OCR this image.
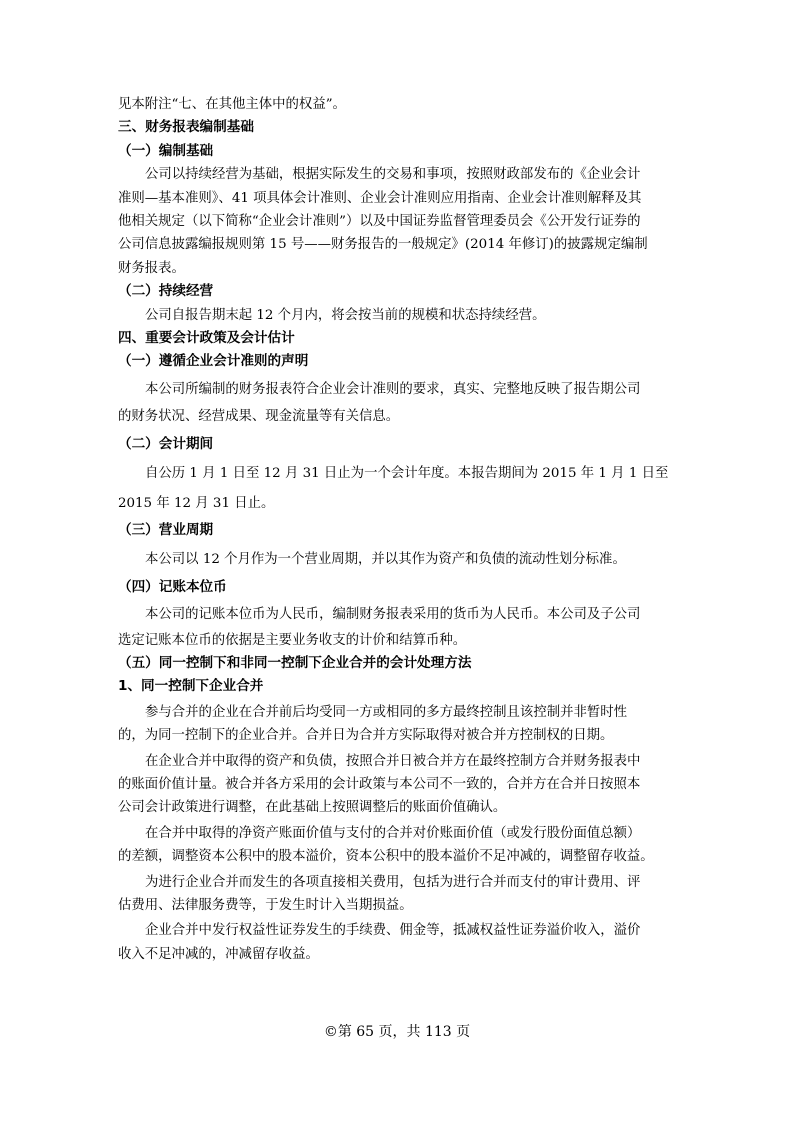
见本附注“七、在其他主体中的权益”。
三、财务报表编制基础
（一）编制基础
公司以持续经营为基础，根据实际发生的交易和事项，按照财政部发布的《企业会计
准则—基本准则》、41 项具体会计准则、企业会计准则应用指南、企业会计准则解释及其
他相关规定（以下简称“企业会计准则”）以及中国证券监督管理委员会《公开发行证券的
公司信息披露编报规则第 15 号——财务报告的一般规定》(2014 年修订)的披露规定编制
财务报表。
（二）持续经营
公司自报告期末起 12 个月内，将会按当前的规模和状态持续经营。
四、重要会计政策及会计估计
（一）遵循企业会计准则的声明
本公司所编制的财务报表符合企业会计准则的要求，真实、完整地反映了报告期公司
的财务状况、经营成果、现金流量等有关信息。
（二）会计期间
自公历 1 月 1 日至 12 月 31 日止为一个会计年度。本报告期间为 2015 年 1 月 1 日至
2015 年 12 月 31 日止。
（三）营业周期
本公司以 12 个月作为一个营业周期，并以其作为资产和负债的流动性划分标准。
（四）记账本位币
本公司的记账本位币为人民币，编制财务报表采用的货币为人民币。本公司及子公司
选定记账本位币的依据是主要业务收支的计价和结算币种。
（五）同一控制下和非同一控制下企业合并的会计处理方法
1、同一控制下企业合并
参与合并的企业在合并前后均受同一方或相同的多方最终控制且该控制并非暂时性
的，为同一控制下的企业合并。合并日为合并方实际取得对被合并方控制权的日期。
在企业合并中取得的资产和负债，按照合并日被合并方在最终控制方合并财务报表中
的账面价值计量。被合并各方采用的会计政策与本公司不一致的，合并方在合并日按照本
公司会计政策进行调整，在此基础上按照调整后的账面价值确认。
在合并中取得的净资产账面价值与支付的合并对价账面价值（或发行股份面值总额）
的差额，调整资本公积中的股本溢价，资本公积中的股本溢价不足冲减的，调整留存收益。
为进行企业合并而发生的各项直接相关费用，包括为进行合并而支付的审计费用、评
估费用、法律服务费等，于发生时计入当期损益。
企业合并中发行权益性证券发生的手续费、佣金等，抵减权益性证券溢价收入，溢价
收入不足冲减的，冲减留存收益。
©第 65 页，共 113 页
